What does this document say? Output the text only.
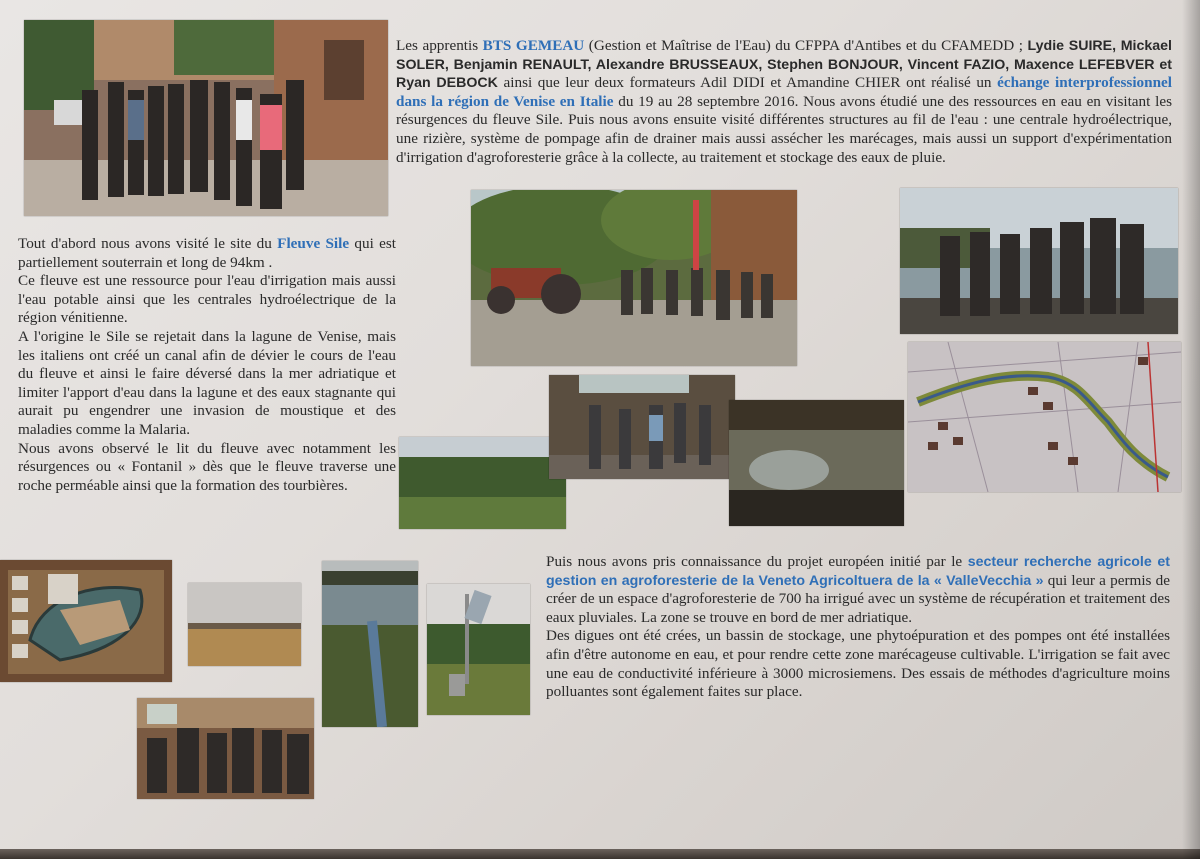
Les apprentis BTS GEMEAU (Gestion et Maîtrise de l'Eau) du CFPPA d'Antibes et du CFAMEDD ; Lydie SUIRE, Mickael SOLER, Benjamin RENAULT, Alexandre BRUSSEAUX, Stephen BONJOUR, Vincent FAZIO, Maxence LEFEBVER et Ryan DEBOCK ainsi que leur deux formateurs Adil DIDI et Amandine CHIER ont réalisé un échange interprofessionnel dans la région de Venise en Italie du 19 au 28 septembre 2016. Nous avons étudié une des ressources en eau en visitant les résurgences du fleuve Sile. Puis nous avons ensuite visité différentes structures au fil de l'eau : une centrale hydroélectrique, une rizière, système de pompage afin de drainer mais aussi assécher les marécages, mais aussi un support d'expérimentation d'irrigation d'agroforesterie grâce à la collecte, au traitement et stockage des eaux de pluie.
Tout d'abord nous avons visité le site du Fleuve Sile qui est partiellement souterrain et long de 94km .
Ce fleuve est une ressource pour l'eau d'irrigation mais aussi l'eau potable ainsi que les centrales hydroélectrique de la région vénitienne.
A l'origine le Sile se rejetait dans la lagune de Venise, mais les italiens ont créé un canal afin de dévier le cours de l'eau du fleuve et ainsi le faire déversé dans la mer adriatique et limiter l'apport d'eau dans la lagune et des eaux stagnante qui aurait pu engendrer une invasion de moustique et des maladies comme la Malaria.
Nous avons observé le lit du fleuve avec notamment les résurgences ou « Fontanil » dès que le fleuve traverse une roche perméable ainsi que la formation des tourbières.
Puis nous avons pris connaissance du projet européen initié par le secteur recherche agricole et gestion en agroforesterie de la Veneto Agricoltuera de la « ValleVecchia » qui leur a permis de créer de un espace d'agroforesterie de 700 ha irrigué avec un système de récupération et traitement des eaux pluviales. La zone se trouve en bord de mer adriatique.
Des digues ont été crées, un bassin de stockage, une phytoépuration et des pompes ont été installées afin d'être autonome en eau, et pour rendre cette zone marécageuse cultivable. L'irrigation se fait avec une eau de conductivité inférieure à 3000 microsiemens. Des essais de méthodes d'agriculture moins polluantes sont également faites sur place.
